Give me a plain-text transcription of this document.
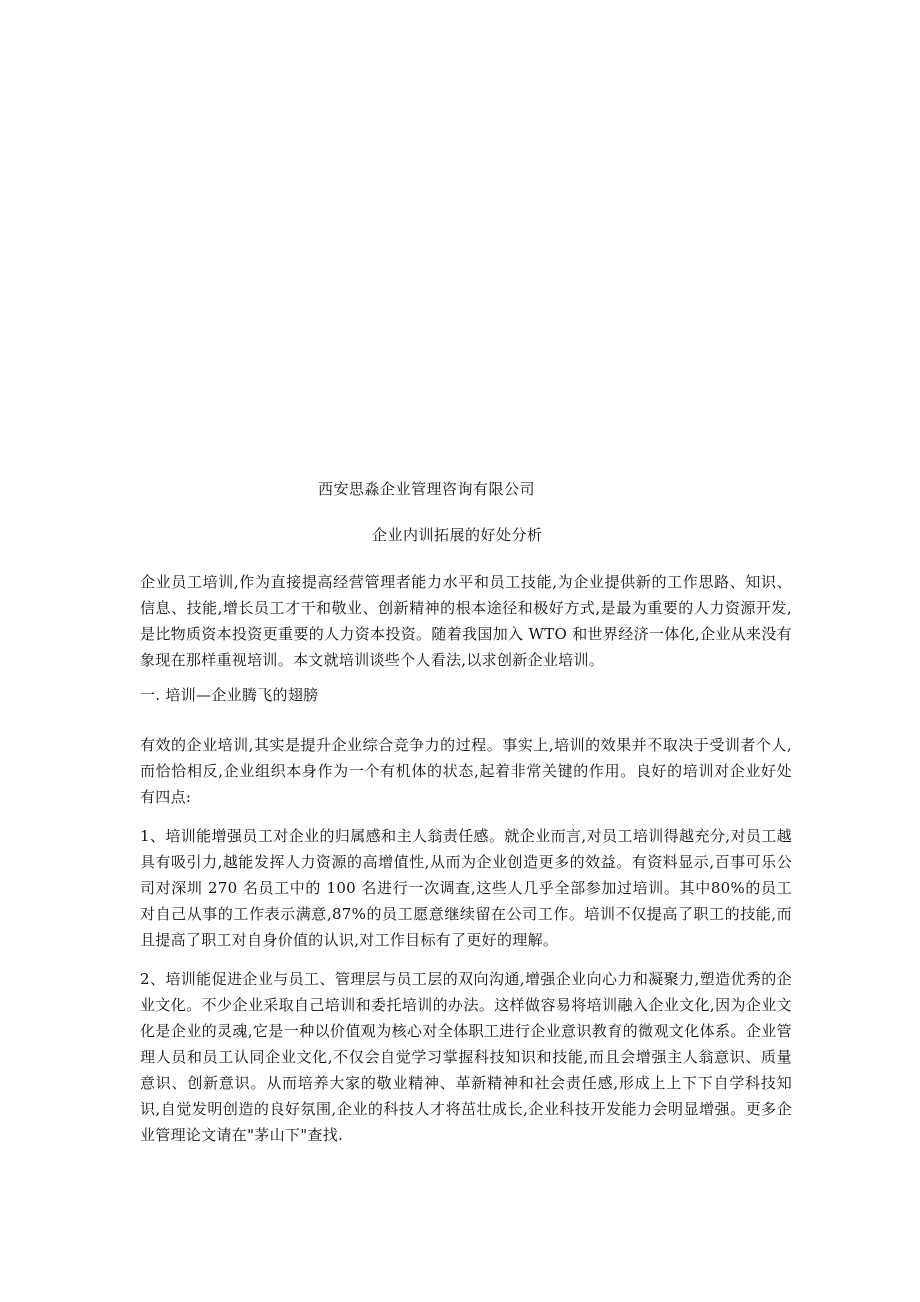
西安思淼企业管理咨询有限公司
企业内训拓展的好处分析

企业员工培训,作为直接提高经营管理者能力水平和员工技能,为企业提供新的工作思路、知识、信息、技能,增长员工才干和敬业、创新精神的根本途径和极好方式,是最为重要的人力资源开发,是比物质资本投资更重要的人力资本投资。随着我国加入 WTO 和世界经济一体化,企业从来没有象现在那样重视培训。本文就培训谈些个人看法,以求创新企业培训。

一. 培训—企业腾飞的翅膀

有效的企业培训,其实是提升企业综合竞争力的过程。事实上,培训的效果并不取决于受训者个人,而恰恰相反,企业组织本身作为一个有机体的状态,起着非常关键的作用。良好的培训对企业好处有四点:

1、培训能增强员工对企业的归属感和主人翁责任感。就企业而言,对员工培训得越充分,对员工越具有吸引力,越能发挥人力资源的高增值性,从而为企业创造更多的效益。有资料显示,百事可乐公司对深圳 270 名员工中的 100 名进行一次调查,这些人几乎全部参加过培训。其中80%的员工对自己从事的工作表示满意,87%的员工愿意继续留在公司工作。培训不仅提高了职工的技能,而且提高了职工对自身价值的认识,对工作目标有了更好的理解。

2、培训能促进企业与员工、管理层与员工层的双向沟通,增强企业向心力和凝聚力,塑造优秀的企业文化。不少企业采取自己培训和委托培训的办法。这样做容易将培训融入企业文化,因为企业文化是企业的灵魂,它是一种以价值观为核心对全体职工进行企业意识教育的微观文化体系。企业管理人员和员工认同企业文化,不仅会自觉学习掌握科技知识和技能,而且会增强主人翁意识、质量意识、创新意识。从而培养大家的敬业精神、革新精神和社会责任感,形成上上下下自学科技知识,自觉发明创造的良好氛围,企业的科技人才将茁壮成长,企业科技开发能力会明显增强。更多企业管理论文请在"茅山下"查找.
